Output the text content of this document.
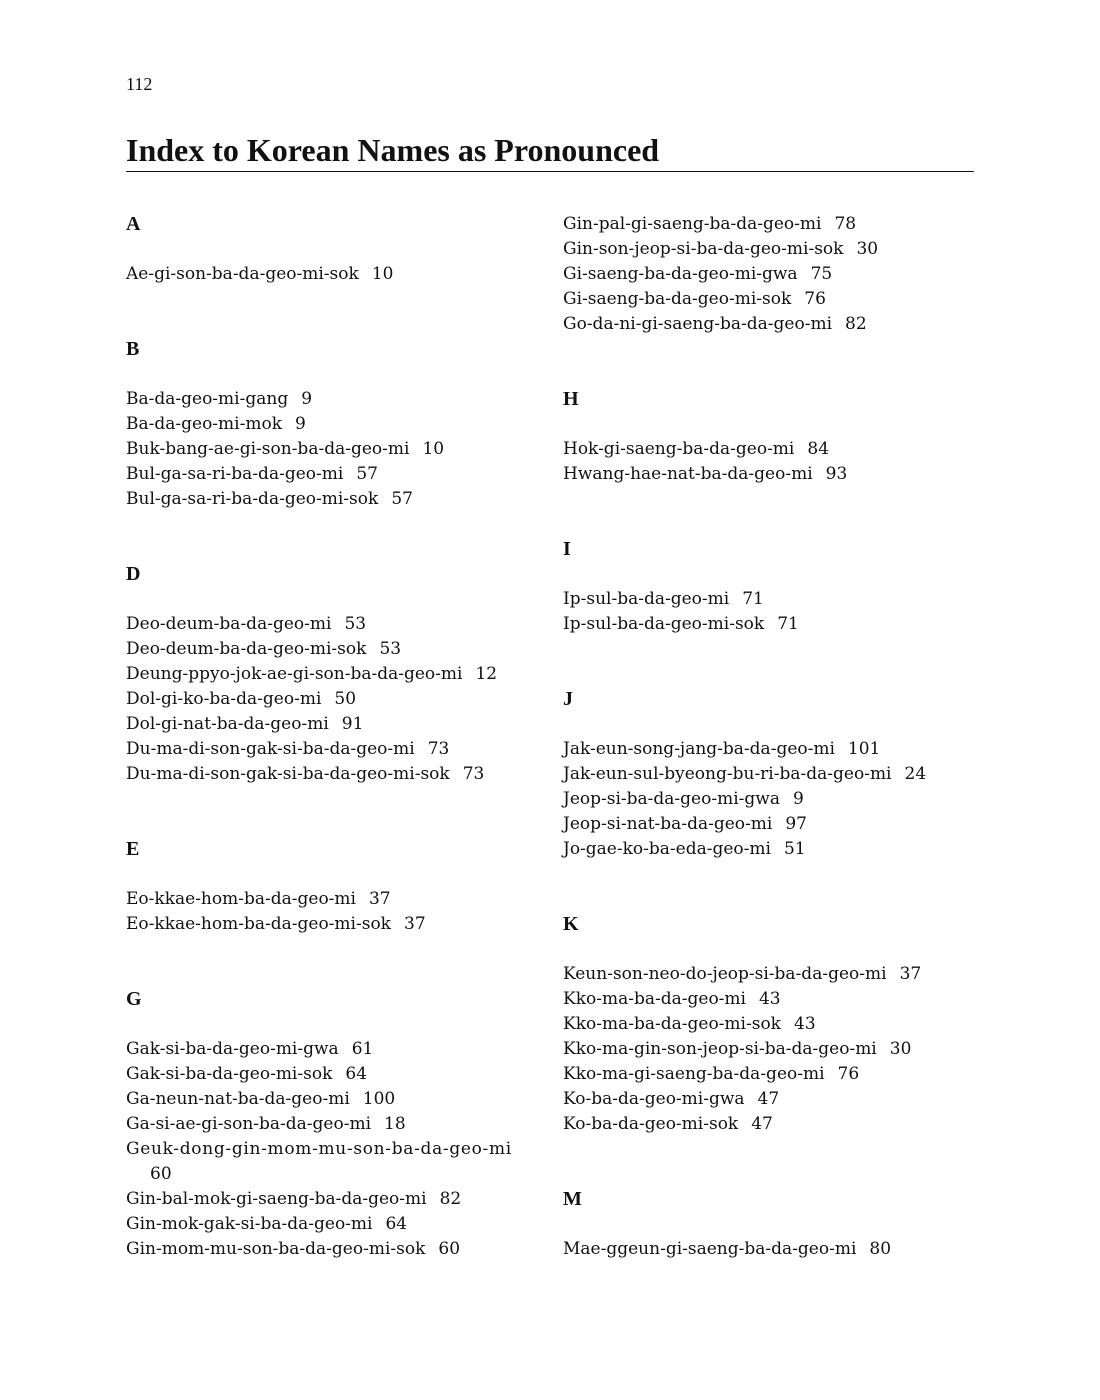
112
Index to Korean Names as Pronounced
A
Ae-gi-son-ba-da-geo-mi-sok 10
B
Ba-da-geo-mi-gang 9
Ba-da-geo-mi-mok 9
Buk-bang-ae-gi-son-ba-da-geo-mi 10
Bul-ga-sa-ri-ba-da-geo-mi 57
Bul-ga-sa-ri-ba-da-geo-mi-sok 57
D
Deo-deum-ba-da-geo-mi 53
Deo-deum-ba-da-geo-mi-sok 53
Deung-ppyo-jok-ae-gi-son-ba-da-geo-mi 12
Dol-gi-ko-ba-da-geo-mi 50
Dol-gi-nat-ba-da-geo-mi 91
Du-ma-di-son-gak-si-ba-da-geo-mi 73
Du-ma-di-son-gak-si-ba-da-geo-mi-sok 73
E
Eo-kkae-hom-ba-da-geo-mi 37
Eo-kkae-hom-ba-da-geo-mi-sok 37
G
Gak-si-ba-da-geo-mi-gwa 61
Gak-si-ba-da-geo-mi-sok 64
Ga-neun-nat-ba-da-geo-mi 100
Ga-si-ae-gi-son-ba-da-geo-mi 18
Geuk-dong-gin-mom-mu-son-ba-da-geo-mi
60
Gin-bal-mok-gi-saeng-ba-da-geo-mi 82
Gin-mok-gak-si-ba-da-geo-mi 64
Gin-mom-mu-son-ba-da-geo-mi-sok 60
Gin-pal-gi-saeng-ba-da-geo-mi 78
Gin-son-jeop-si-ba-da-geo-mi-sok 30
Gi-saeng-ba-da-geo-mi-gwa 75
Gi-saeng-ba-da-geo-mi-sok 76
Go-da-ni-gi-saeng-ba-da-geo-mi 82
H
Hok-gi-saeng-ba-da-geo-mi 84
Hwang-hae-nat-ba-da-geo-mi 93
I
Ip-sul-ba-da-geo-mi 71
Ip-sul-ba-da-geo-mi-sok 71
J
Jak-eun-song-jang-ba-da-geo-mi 101
Jak-eun-sul-byeong-bu-ri-ba-da-geo-mi 24
Jeop-si-ba-da-geo-mi-gwa 9
Jeop-si-nat-ba-da-geo-mi 97
Jo-gae-ko-ba-eda-geo-mi 51
K
Keun-son-neo-do-jeop-si-ba-da-geo-mi 37
Kko-ma-ba-da-geo-mi 43
Kko-ma-ba-da-geo-mi-sok 43
Kko-ma-gin-son-jeop-si-ba-da-geo-mi 30
Kko-ma-gi-saeng-ba-da-geo-mi 76
Ko-ba-da-geo-mi-gwa 47
Ko-ba-da-geo-mi-sok 47
M
Mae-ggeun-gi-saeng-ba-da-geo-mi 80
